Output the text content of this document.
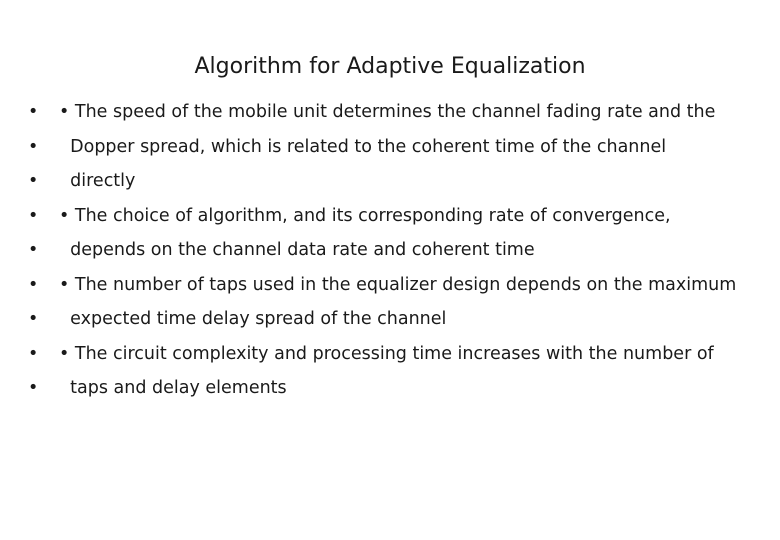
Algorithm for Adaptive Equalization
•	• The speed of the mobile unit determines the channel fading rate and the
•	Dopper spread, which is related to the coherent time of the channel
•	directly
•	• The choice of algorithm, and its corresponding rate of convergence,
•	depends on the channel data rate and coherent time
•	• The number of taps used in the equalizer design depends on the maximum
•	expected time delay spread of the channel
•	• The circuit complexity and processing time increases with the number of
•	taps and delay elements
